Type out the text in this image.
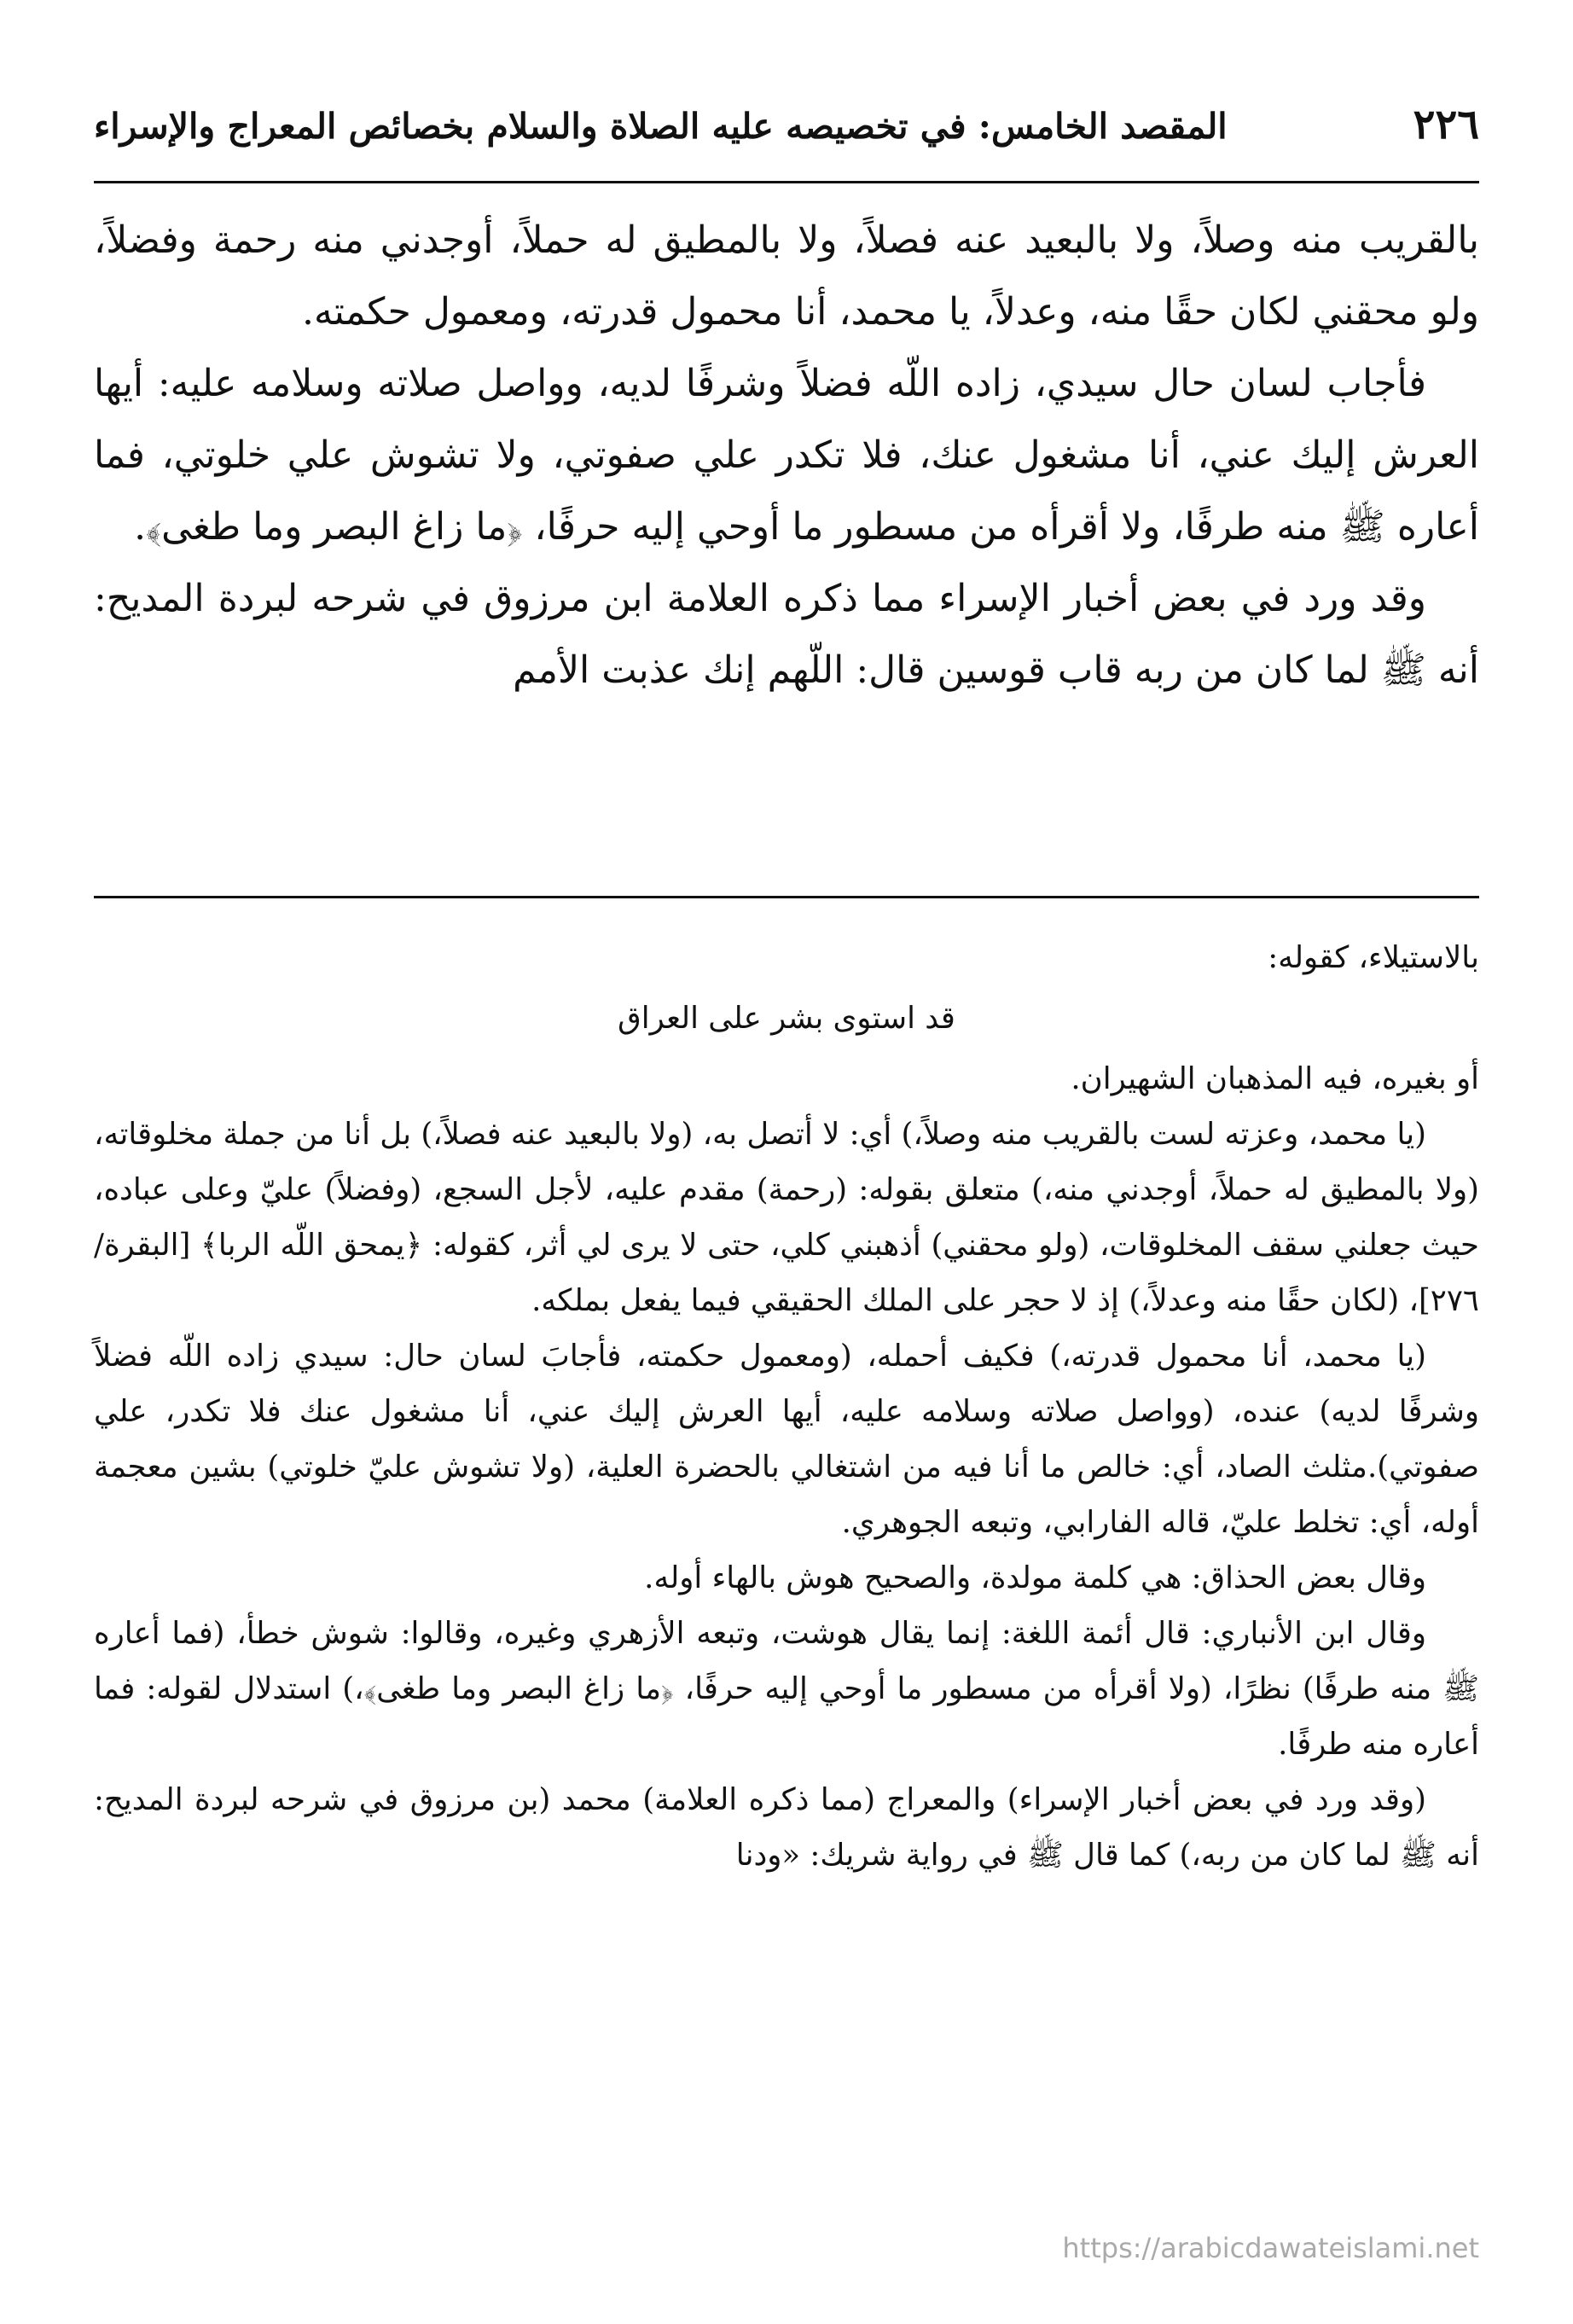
٢٢٦
المقصد الخامس: في تخصيصه عليه الصلاة والسلام بخصائص المعراج والإسراء

بالقريب منه وصلاً، ولا بالبعيد عنه فصلاً، ولا بالمطيق له حملاً، أوجدني منه رحمة وفضلاً، ولو محقني لكان حقًا منه، وعدلاً، يا محمد، أنا محمول قدرته، ومعمول حكمته.

فأجاب لسان حال سيدي، زاده اللّه فضلاً وشرفًا لديه، وواصل صلاته وسلامه عليه: أيها العرش إليك عني، أنا مشغول عنك، فلا تكدر علي صفوتي، ولا تشوش علي خلوتي، فما أعاره ﷺ منه طرفًا، ولا أقرأه من مسطور ما أوحي إليه حرفًا، ﴿ما زاغ البصر وما طغى﴾.

وقد ورد في بعض أخبار الإسراء مما ذكره العلامة ابن مرزوق في شرحه لبردة المديح: أنه ﷺ لما كان من ربه قاب قوسين قال: اللّهم إنك عذبت الأمم

بالاستيلاء، كقوله:

قد استوى بشر على العراق

أو بغيره، فيه المذهبان الشهيران.

(يا محمد، وعزته لست بالقريب منه وصلاً،) أي: لا أتصل به، (ولا بالبعيد عنه فصلاً،) بل أنا من جملة مخلوقاته، (ولا بالمطيق له حملاً، أوجدني منه،) متعلق بقوله: (رحمة) مقدم عليه، لأجل السجع، (وفضلاً) عليّ وعلى عباده، حيث جعلني سقف المخلوقات، (ولو محقني) أذهبني كلي، حتى لا يرى لي أثر، كقوله: ﴿يمحق اللّه الربا﴾ [البقرة/٢٧٦]، (لكان حقًا منه وعدلاً،) إذ لا حجر على الملك الحقيقي فيما يفعل بملكه.

(يا محمد، أنا محمول قدرته،) فكيف أحمله، (ومعمول حكمته، فأجابَ لسان حال: سيدي زاده اللّه فضلاً وشرفًا لديه) عنده، (وواصل صلاته وسلامه عليه، أيها العرش إليك عني، أنا مشغول عنك فلا تكدر، علي صفوتي).مثلث الصاد، أي: خالص ما أنا فيه من اشتغالي بالحضرة العلية، (ولا تشوش عليّ خلوتي) بشين معجمة أوله، أي: تخلط عليّ، قاله الفارابي، وتبعه الجوهري.

وقال بعض الحذاق: هي كلمة مولدة، والصحيح هوش بالهاء أوله.

وقال ابن الأنباري: قال أئمة اللغة: إنما يقال هوشت، وتبعه الأزهري وغيره، وقالوا: شوش خطأ، (فما أعاره ﷺ منه طرفًا) نظرًا، (ولا أقرأه من مسطور ما أوحي إليه حرفًا، ﴿ما زاغ البصر وما طغى﴾،) استدلال لقوله: فما أعاره منه طرفًا.

(وقد ورد في بعض أخبار الإسراء) والمعراج (مما ذكره العلامة) محمد (بن مرزوق في شرحه لبردة المديح: أنه ﷺ لما كان من ربه،) كما قال ﷺ في رواية شريك: «ودنا

https://arabicdawateislami.net
